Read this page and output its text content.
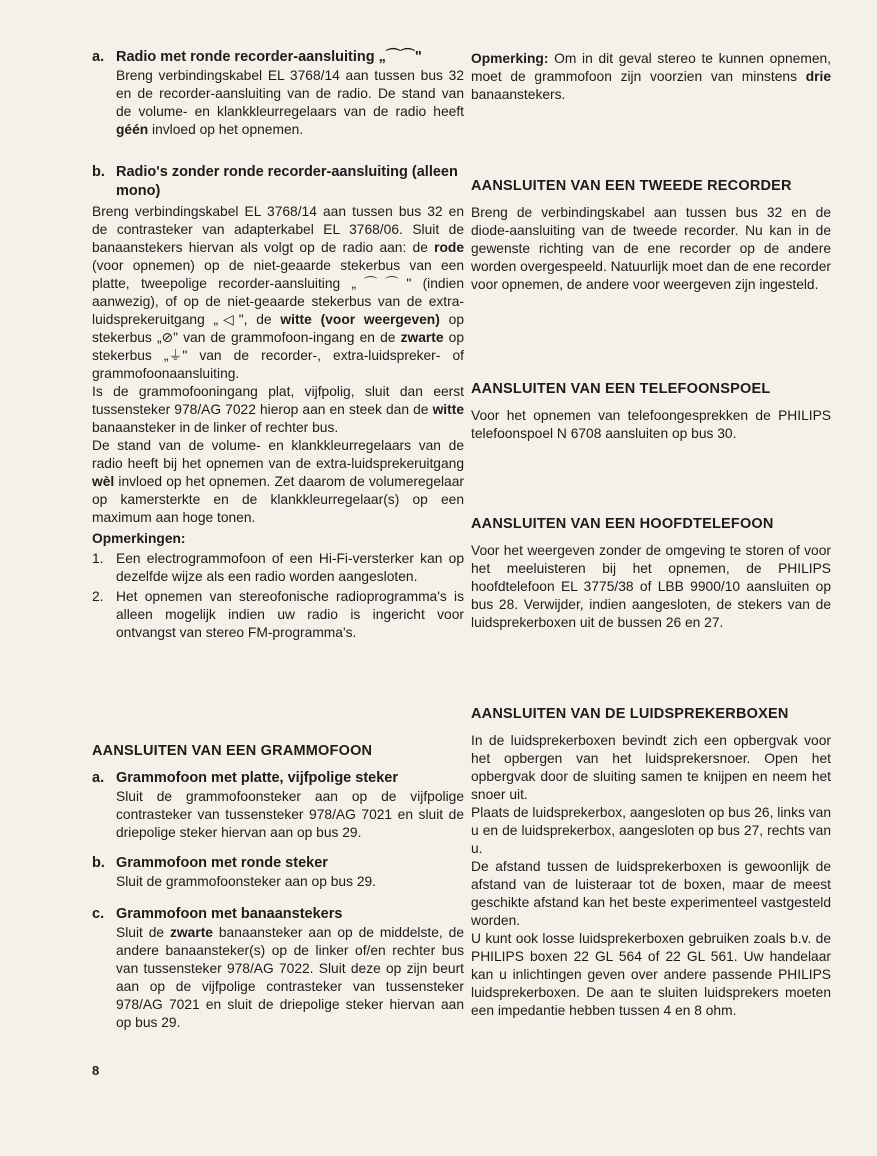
a. Radio met ronde recorder-aansluiting „⌒⌒"

Breng verbindingskabel EL 3768/14 aan tussen bus 32 en de recorder-aansluiting van de radio. De stand van de volume- en klankkleurregelaars van de radio heeft géén invloed op het opnemen.

b. Radio's zonder ronde recorder-aansluiting (alleen mono)

Breng verbindingskabel EL 3768/14 aan tussen bus 32 en de contrasteker van adapterkabel EL 3768/06. Sluit de banaanstekers hiervan als volgt op de radio aan: de rode (voor opnemen) op de niet-geaarde stekerbus van een platte, tweepolige recorder-aansluiting „⌒⌒" (indien aanwezig), of op de niet-geaarde stekerbus van de extra-luidsprekeruitgang „◁", de witte (voor weergeven) op stekerbus „⊘" van de grammofoon-ingang en de zwarte op stekerbus „⏚" van de recorder-, extra-luidspreker- of grammofoonaansluiting.

Is de grammofooningang plat, vijfpolig, sluit dan eerst tussensteker 978/AG 7022 hierop aan en steek dan de witte banaansteker in de linker of rechter bus.

De stand van de volume- en klankkleurregelaars van de radio heeft bij het opnemen van de extra-luidsprekeruitgang wèl invloed op het opnemen. Zet daarom de volumeregelaar op kamersterkte en de klankkleurregelaar(s) op een maximum aan hoge tonen.

Opmerkingen:

1. Een electrogrammofoon of een Hi-Fi-versterker kan op dezelfde wijze als een radio worden aangesloten.

2. Het opnemen van stereofonische radioprogramma's is alleen mogelijk indien uw radio is ingericht voor ontvangst van stereo FM-programma's.

AANSLUITEN VAN EEN GRAMMOFOON
a. Grammofoon met platte, vijfpolige steker

Sluit de grammofoonsteker aan op de vijfpolige contrasteker van tussensteker 978/AG 7021 en sluit de driepolige steker hiervan aan op bus 29.

b. Grammofoon met ronde steker

Sluit de grammofoonsteker aan op bus 29.

c. Grammofoon met banaanstekers

Sluit de zwarte banaansteker aan op de middelste, de andere banaansteker(s) op de linker of/en rechter bus van tussensteker 978/AG 7022. Sluit deze op zijn beurt aan op de vijfpolige contrasteker van tussensteker 978/AG 7021 en sluit de driepolige steker hiervan aan op bus 29.

8

Opmerking: Om in dit geval stereo te kunnen opnemen, moet de grammofoon zijn voorzien van minstens drie banaanstekers.

AANSLUITEN VAN EEN TWEEDE RECORDER

Breng de verbindingskabel aan tussen bus 32 en de diode-aansluiting van de tweede recorder. Nu kan in de gewenste richting van de ene recorder op de andere worden overgespeeld. Natuurlijk moet dan de ene recorder voor opnemen, de andere voor weergeven zijn ingesteld.

AANSLUITEN VAN EEN TELEFOONSPOEL

Voor het opnemen van telefoongesprekken de PHILIPS telefoonspoel N 6708 aansluiten op bus 30.

AANSLUITEN VAN EEN HOOFDTELEFOON

Voor het weergeven zonder de omgeving te storen of voor het meeluisteren bij het opnemen, de PHILIPS hoofdtelefoon EL 3775/38 of LBB 9900/10 aansluiten op bus 28. Verwijder, indien aangesloten, de stekers van de luidsprekerboxen uit de bussen 26 en 27.

AANSLUITEN VAN DE LUIDSPREKERBOXEN

In de luidsprekerboxen bevindt zich een opbergvak voor het opbergen van het luidsprekersnoer. Open het opbergvak door de sluiting samen te knijpen en neem het snoer uit.

Plaats de luidsprekerbox, aangesloten op bus 26, links van u en de luidsprekerbox, aangesloten op bus 27, rechts van u.

De afstand tussen de luidsprekerboxen is gewoonlijk de afstand van de luisteraar tot de boxen, maar de meest geschikte afstand kan het beste experimenteel vastgesteld worden.

U kunt ook losse luidsprekerboxen gebruiken zoals b.v. de PHILIPS boxen 22 GL 564 of 22 GL 561. Uw handelaar kan u inlichtingen geven over andere passende PHILIPS luidsprekerboxen. De aan te sluiten luidsprekers moeten een impedantie hebben tussen 4 en 8 ohm.
